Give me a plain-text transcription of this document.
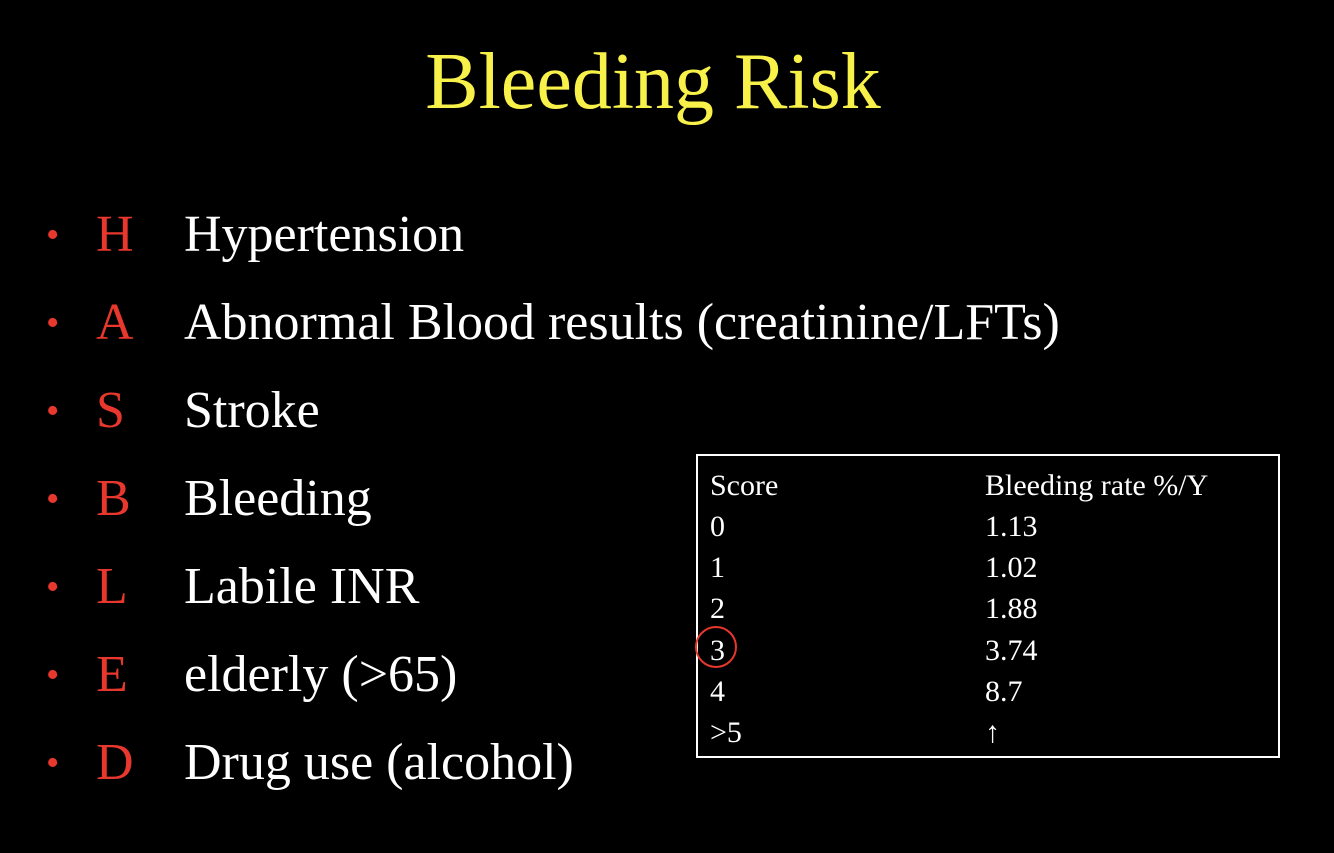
Bleeding Risk
• H Hypertension
• A Abnormal Blood results (creatinine/LFTs)
• S Stroke
• B Bleeding
• L Labile INR
• E elderly (>65)
• D Drug use (alcohol)
Score	Bleeding rate %/Y
0	1.13
1	1.02
2	1.88
3	3.74
4	8.7
>5	↑
